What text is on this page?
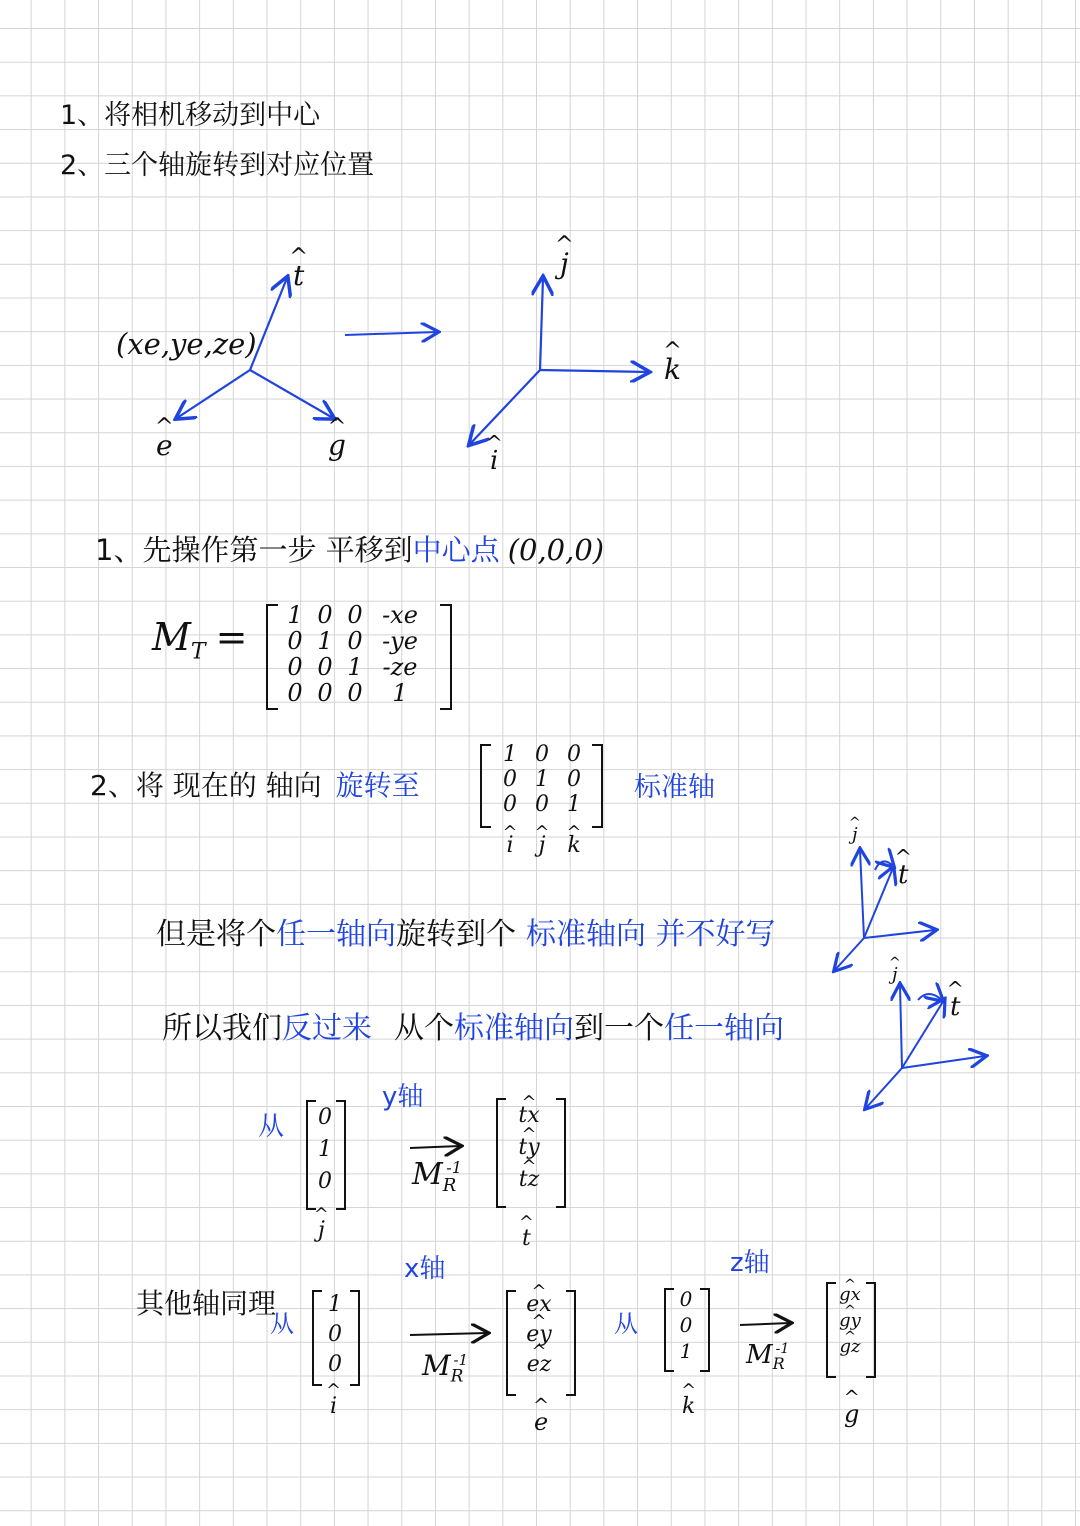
1、将相机移动到中心
2、三个轴旋转到对应位置
(xe,ye,ze)
^ t
^ e	^ g
^ j
^ k
^ i
1、先操作第一步 平移到中心点 (0,0,0)
$M_T$ =	1 0 0 -xe
0 1 0 -ye
0 0 1 -ze
0 0 0 1
2、将 现在的 轴向 旋转至
1 0 0
0 1 0
0 0 1
^ i ^ j ^ k
标准轴
^ j
^ t
^ j
^ t
但是将个任一轴向旋转到个 标准轴向 并不好写
所以我们反过来 从个标准轴向到一个任一轴向
从
y轴
0
1
0
^ j
$M_R^{-1}$
^ tx
^ ty
^ tz
^ t
其他轴同理
从
x轴
1
0
0
^ i
$M_R^{-1}$
^ ex
^ ey
^ ez
^ e
从
z轴
0
0
1
^ k
$M_R^{-1}$
^ gx
^ gy
^ gz
^ g
